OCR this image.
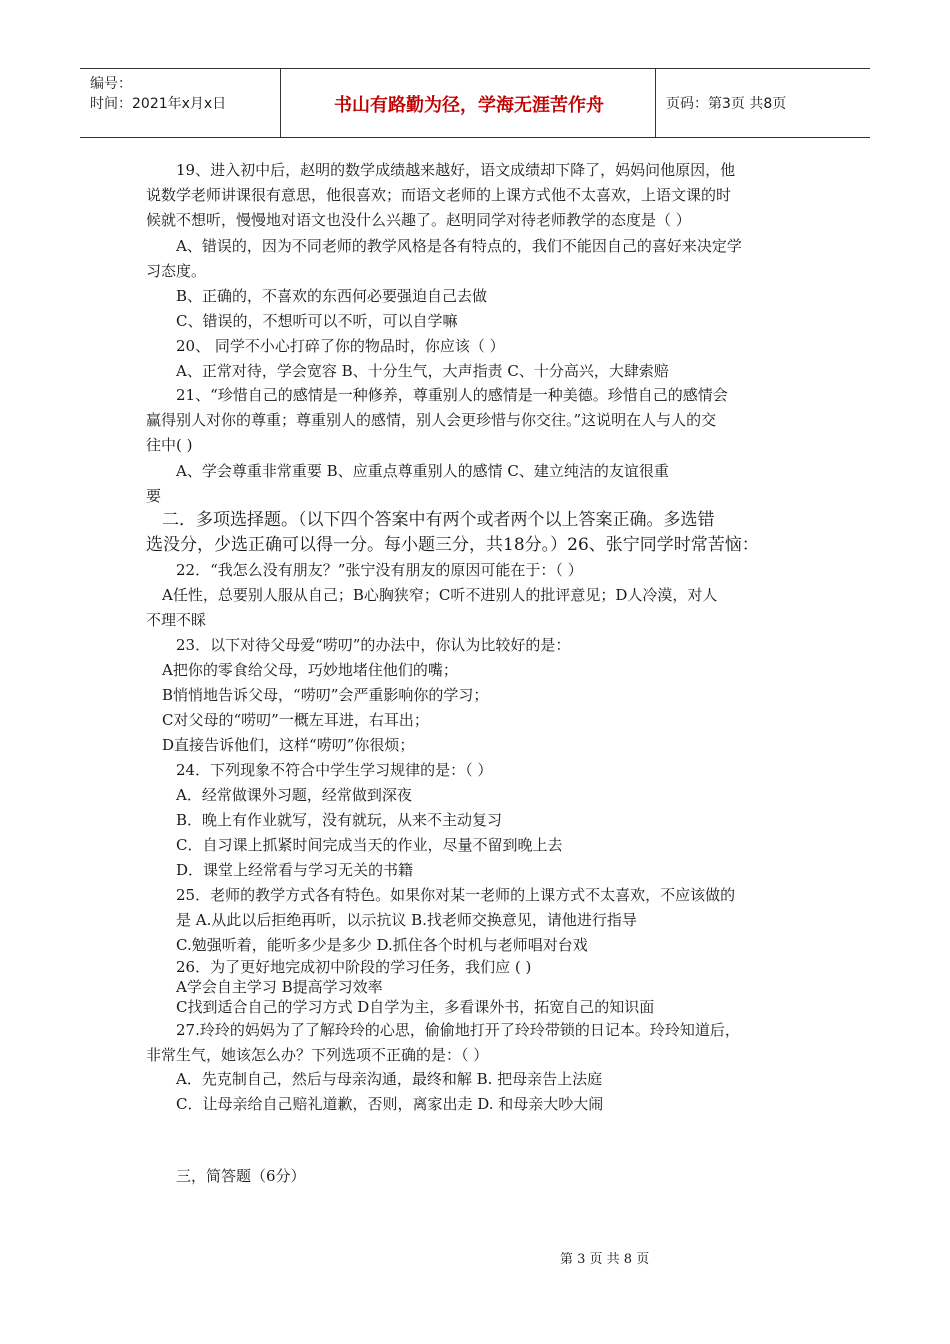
编号：
时间：2021年x月x日	书山有路勤为径，学海无涯苦作舟	页码：第3页 共8页
19、进入初中后，赵明的数学成绩越来越好，语文成绩却下降了，妈妈问他原因，他
说数学老师讲课很有意思，他很喜欢；而语文老师的上课方式他不太喜欢，上语文课的时
候就不想听，慢慢地对语文也没什么兴趣了。赵明同学对待老师教学的态度是（ ）
A、错误的，因为不同老师的教学风格是各有特点的，我们不能因自己的喜好来决定学
习态度。
B、正确的，不喜欢的东西何必要强迫自己去做
C、错误的，不想听可以不听，可以自学嘛
20、 同学不小心打碎了你的物品时，你应该（ ）
A、正常对待，学会宽容 B、十分生气，大声指责 C、十分高兴，大肆索赔
21、“珍惜自己的感情是一种修养，尊重别人的感情是一种美德。珍惜自己的感情会
赢得别人对你的尊重；尊重别人的感情，别人会更珍惜与你交往。”这说明在人与人的交
往中( )
A、学会尊重非常重要 B、应重点尊重别人的感情 C、建立纯洁的友谊很重
要
二．多项选择题。（以下四个答案中有两个或者两个以上答案正确。多选错
选没分，少选正确可以得一分。每小题三分，共18分。）26、张宁同学时常苦恼：
22．“我怎么没有朋友？”张宁没有朋友的原因可能在于：（ ）
A任性，总要别人服从自己；B心胸狭窄；C听不进别人的批评意见；D人冷漠，对人
不理不睬
23．以下对待父母爱“唠叨”的办法中，你认为比较好的是：
A把你的零食给父母，巧妙地堵住他们的嘴；
B悄悄地告诉父母，“唠叨”会严重影响你的学习；
C对父母的“唠叨”一概左耳进，右耳出；
D直接告诉他们，这样“唠叨”你很烦；
24．下列现象不符合中学生学习规律的是：（ ）
A．经常做课外习题，经常做到深夜
B．晚上有作业就写，没有就玩，从来不主动复习
C．自习课上抓紧时间完成当天的作业，尽量不留到晚上去
D．课堂上经常看与学习无关的书籍
25．老师的教学方式各有特色。如果你对某一老师的上课方式不太喜欢，不应该做的
是 A.从此以后拒绝再听，以示抗议 B.找老师交换意见，请他进行指导
C.勉强听着，能听多少是多少 D.抓住各个时机与老师唱对台戏
26．为了更好地完成初中阶段的学习任务，我们应 ( )
A学会自主学习 B提高学习效率
C找到适合自己的学习方式 D自学为主，多看课外书，拓宽自己的知识面
27.玲玲的妈妈为了了解玲玲的心思，偷偷地打开了玲玲带锁的日记本。玲玲知道后，
非常生气，她该怎么办？下列选项不正确的是：（ ）
A．先克制自己，然后与母亲沟通，最终和解 B. 把母亲告上法庭
C．让母亲给自己赔礼道歉，否则，离家出走 D. 和母亲大吵大闹
三，简答题（6分）
第 3 页 共 8 页
